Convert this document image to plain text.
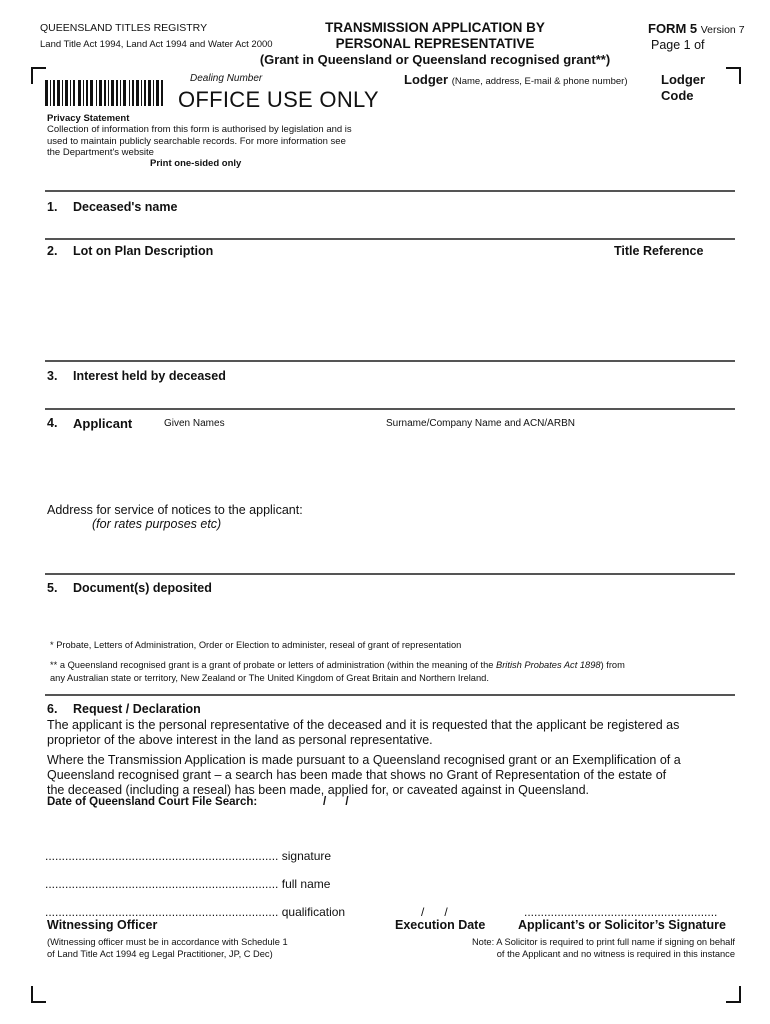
QUEENSLAND TITLES REGISTRY
Land Title Act 1994, Land Act 1994 and Water Act 2000
TRANSMISSION APPLICATION BY
PERSONAL REPRESENTATIVE
(Grant in Queensland or Queensland recognised grant**)
FORM 5 Version 7
Page 1 of
Dealing Number
OFFICE USE ONLY
Lodger (Name, address, E-mail & phone number)	Lodger
Code
Privacy Statement
Collection of information from this form is authorised by legislation and is
used to maintain publicly searchable records. For more information see
the Department's website
Print one-sided only
1. Deceased's name
2. Lot on Plan Description	Title Reference
3. Interest held by deceased
4. Applicant	Given Names	Surname/Company Name and ACN/ARBN
Address for service of notices to the applicant:
(for rates purposes etc)
5. Document(s) deposited
* Probate, Letters of Administration, Order or Election to administer, reseal of grant of representation
** a Queensland recognised grant is a grant of probate or letters of administration (within the meaning of the British Probates Act 1898) from
any Australian state or territory, New Zealand or The United Kingdom of Great Britain and Northern Ireland.
6. Request / Declaration
The applicant is the personal representative of the deceased and it is requested that the applicant be registered as
proprietor of the above interest in the land as personal representative.
Where the Transmission Application is made pursuant to a Queensland recognised grant or an Exemplification of a
Queensland recognised grant – a search has been made that shows no Grant of Representation of the estate of
the deceased (including a reseal) has been made, applied for, or caveated against in Queensland.
Date of Queensland Court File Search:	/      /
...................................................................... signature
...................................................................... full name
...................................................................... qualification	/      /	..........................................................
Witnessing Officer	Execution Date	Applicant’s or Solicitor’s Signature
(Witnessing officer must be in accordance with Schedule 1
of Land Title Act 1994 eg Legal Practitioner, JP, C Dec)
Note: A Solicitor is required to print full name if signing on behalf
of the Applicant and no witness is required in this instance
